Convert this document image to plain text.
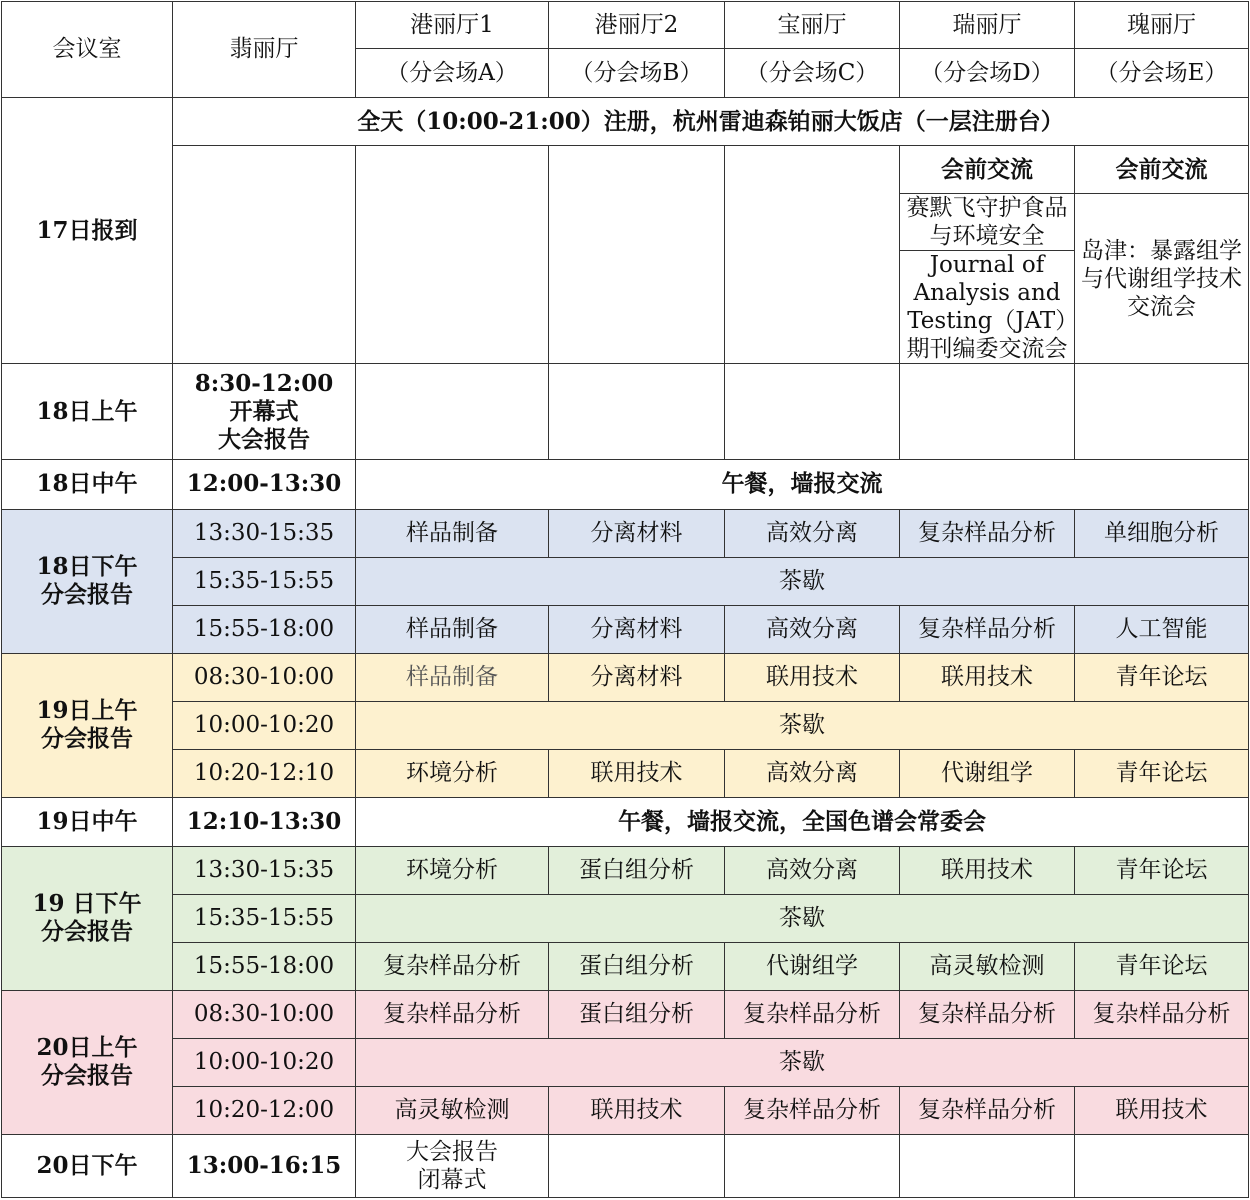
会议室	翡丽厅	港丽厅1	港丽厅2	宝丽厅	瑞丽厅	瑰丽厅
		（分会场A）	（分会场B）	（分会场C）	（分会场D）	（分会场E）
17日报到	全天（10:00-21:00）注册，杭州雷迪森铂丽大饭店（一层注册台）					
					会前交流	会前交流
					赛默飞守护食品与环境安全	岛津：暴露组学与代谢组学技术交流会
					Journal of Analysis and Testing（JAT）期刊编委交流会	

18日上午	8:30-12:00
开幕式
大会报告					

18日中午	12:00-13:30	午餐，墙报交流				

18日下午
分会报告	13:30-15:35	样品制备	分离材料	高效分离	复杂样品分析	单细胞分析
	15:35-15:55	茶歇				
	15:55-18:00	样品制备	分离材料	高效分离	复杂样品分析	人工智能

19日上午
分会报告	08:30-10:00	样品制备	分离材料	联用技术	联用技术	青年论坛
	10:00-10:20	茶歇				
	10:20-12:10	环境分析	联用技术	高效分离	代谢组学	青年论坛
19日中午	12:10-13:30	午餐，墙报交流，全国色谱会常委会				

19 日下午
分会报告	13:30-15:35	环境分析	蛋白组分析	高效分离	联用技术	青年论坛
	15:35-15:55	茶歇				
	15:55-18:00	复杂样品分析	蛋白组分析	代谢组学	高灵敏检测	青年论坛

20日上午
分会报告	08:30-10:00	复杂样品分析	蛋白组分析	复杂样品分析	复杂样品分析	复杂样品分析
	10:00-10:20	茶歇				
	10:20-12:00	高灵敏检测	联用技术	复杂样品分析	复杂样品分析	联用技术
20日下午	13:00-16:15	大会报告
闭幕式				
